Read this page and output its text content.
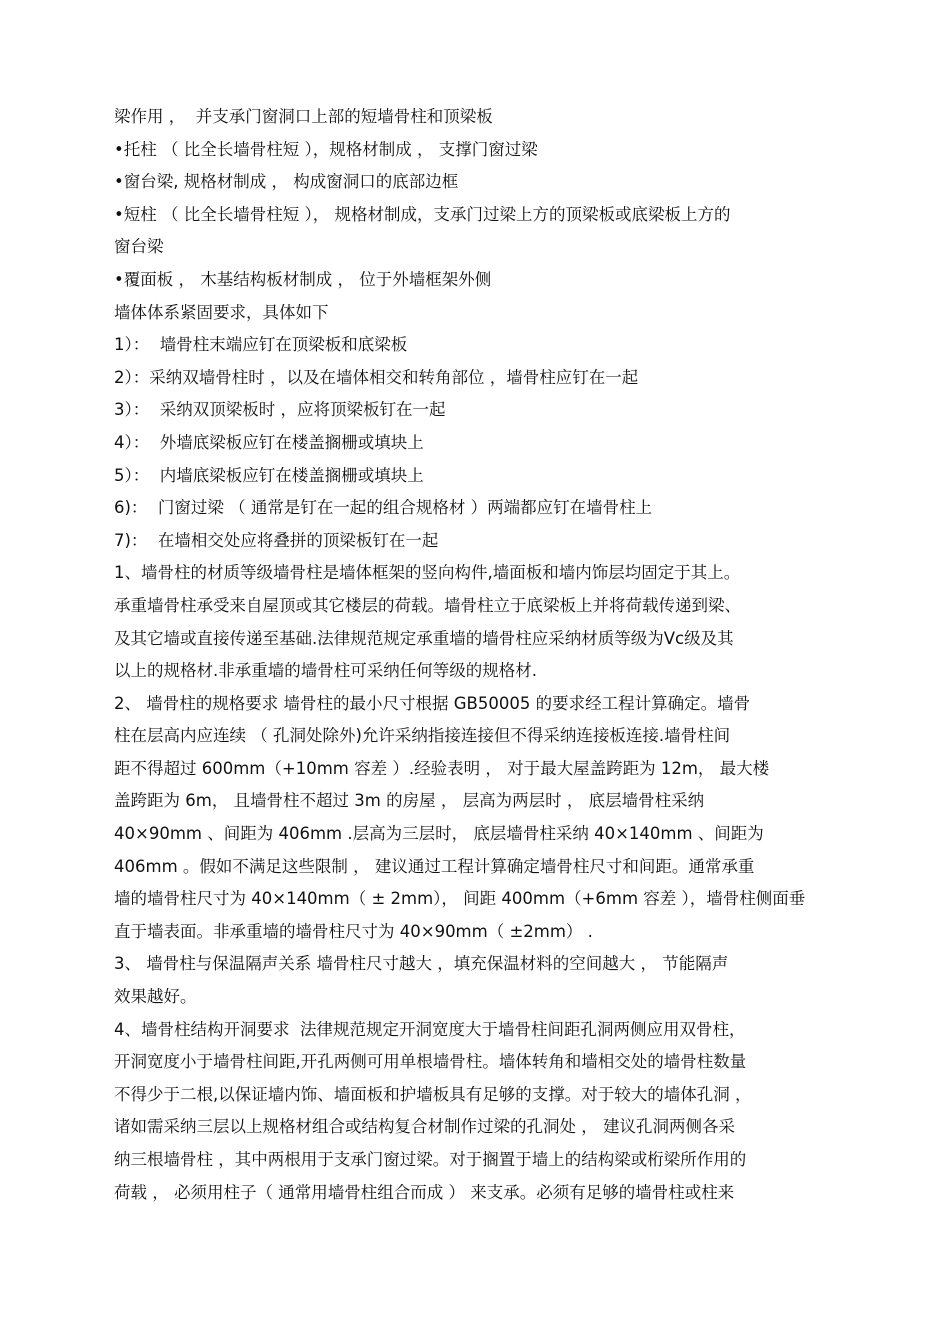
梁作用 ，  并支承门窗洞口上部的短墙骨柱和顶梁板
•托柱 （ 比全长墙骨柱短 ），规格材制成 ， 支撑门窗过梁
•窗台梁, 规格材制成 ， 构成窗洞口的底部边框
•短柱 （ 比全长墙骨柱短 ）， 规格材制成，支承门过梁上方的顶梁板或底梁板上方的
窗台梁
•覆面板 ， 木基结构板材制成 ， 位于外墙框架外侧
墙体体系紧固要求，具体如下
1）：  墙骨柱末端应钉在顶梁板和底梁板
2）：采纳双墙骨柱时 ，以及在墙体相交和转角部位 ，墙骨柱应钉在一起
3）：  采纳双顶梁板时 ，应将顶梁板钉在一起
4）：  外墙底梁板应钉在楼盖搁栅或填块上
5）：  内墙底梁板应钉在楼盖搁栅或填块上
6)：  门窗过梁 （ 通常是钉在一起的组合规格材 ）两端都应钉在墙骨柱上
7)：  在墙相交处应将叠拼的顶梁板钉在一起
1、墙骨柱的材质等级墙骨柱是墙体框架的竖向构件,墙面板和墙内饰层均固定于其上。
承重墙骨柱承受来自屋顶或其它楼层的荷载。墙骨柱立于底梁板上并将荷载传递到梁、
及其它墙或直接传递至基础.法律规范规定承重墙的墙骨柱应采纳材质等级为Vc级及其
以上的规格材.非承重墙的墙骨柱可采纳任何等级的规格材.
2、 墙骨柱的规格要求 墙骨柱的最小尺寸根据 GB50005 的要求经工程计算确定。墙骨
柱在层高内应连续 （ 孔洞处除外)允许采纳指接连接但不得采纳连接板连接.墙骨柱间
距不得超过 600mm（+10mm 容差 ）.经验表明 ， 对于最大屋盖跨距为 12m， 最大楼
盖跨距为 6m， 且墙骨柱不超过 3m 的房屋 ， 层高为两层时 ， 底层墙骨柱采纳
40×90mm 、间距为 406mm .层高为三层时， 底层墙骨柱采纳 40×140mm 、间距为
406mm 。假如不满足这些限制 ， 建议通过工程计算确定墙骨柱尺寸和间距。通常承重
墙的墙骨柱尺寸为 40×140mm（ ± 2mm）， 间距 400mm（+6mm 容差 ），墙骨柱侧面垂
直于墙表面。非承重墙的墙骨柱尺寸为 40×90mm（ ±2mm） .
3、 墙骨柱与保温隔声关系 墙骨柱尺寸越大 ，填充保温材料的空间越大 ， 节能隔声
效果越好。
4、墙骨柱结构开洞要求  法律规范规定开洞宽度大于墙骨柱间距孔洞两侧应用双骨柱，
开洞宽度小于墙骨柱间距,开孔两侧可用单根墙骨柱。墙体转角和墙相交处的墙骨柱数量
不得少于二根,以保证墙内饰、墙面板和护墙板具有足够的支撑。对于较大的墙体孔洞 ，
诸如需采纳三层以上规格材组合或结构复合材制作过梁的孔洞处 ， 建议孔洞两侧各采
纳三根墙骨柱 ，其中两根用于支承门窗过梁。对于搁置于墙上的结构梁或桁梁所作用的
荷载 ， 必须用柱子（ 通常用墙骨柱组合而成 ） 来支承。必须有足够的墙骨柱或柱来
